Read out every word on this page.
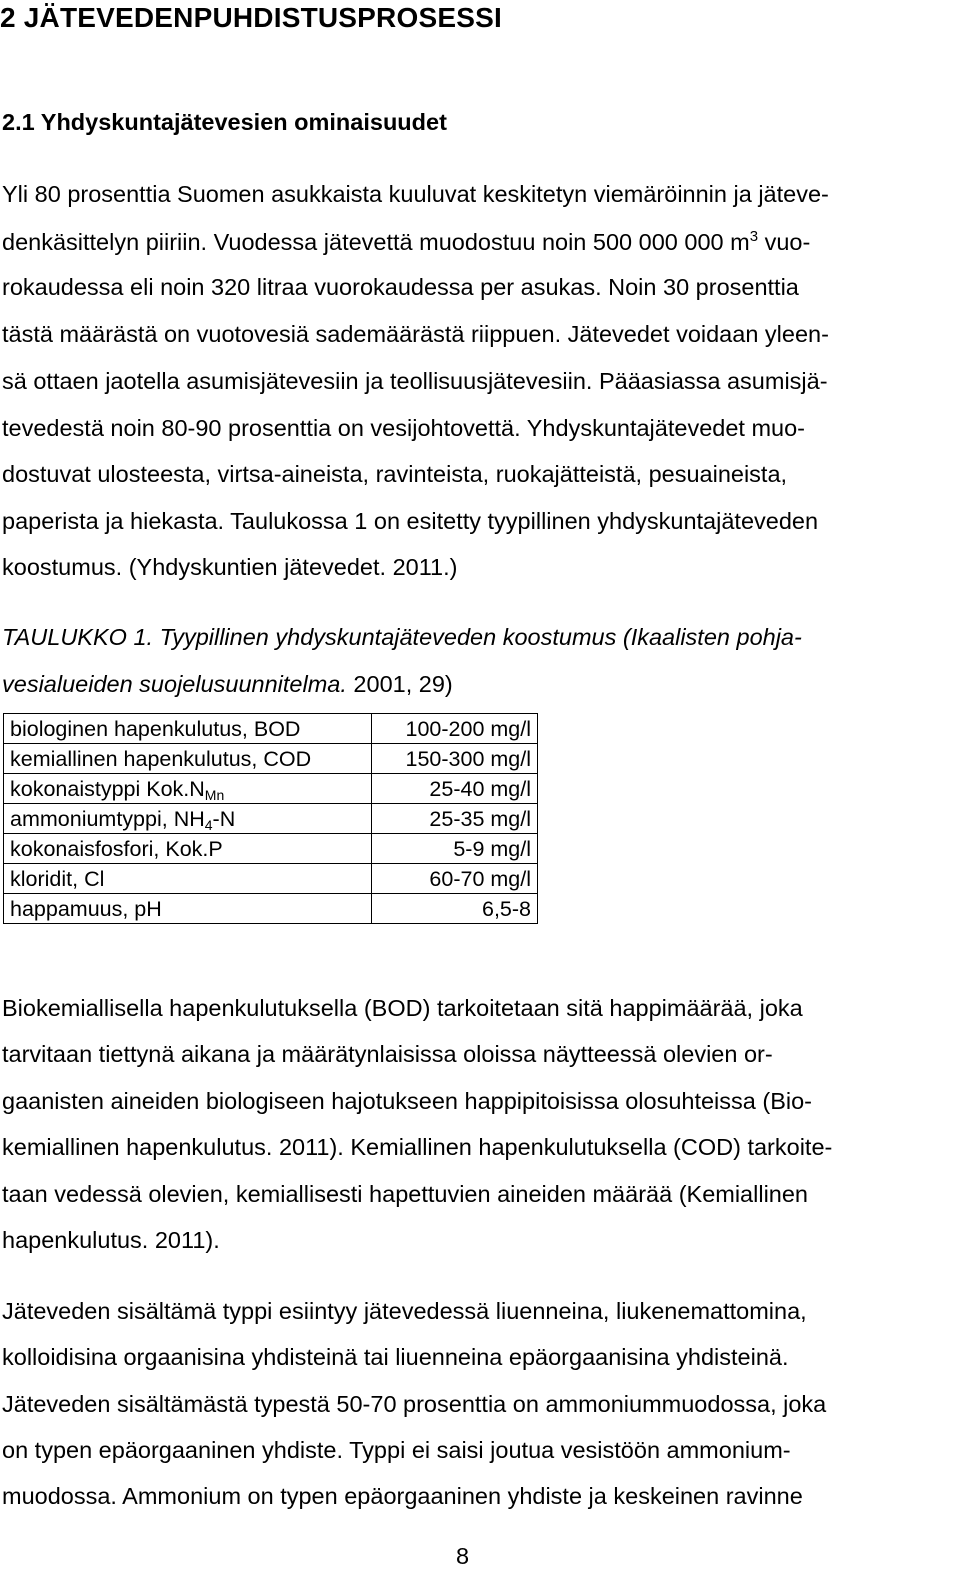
2 JÄTEVEDENPUHDISTUSPROSESSI
2.1 Yhdyskuntajätevesien ominaisuudet
Yli 80 prosenttia Suomen asukkaista kuuluvat keskitetyn viemäröinnin ja jäteve-
denkäsittelyn piiriin. Vuodessa jätevettä muodostuu noin 500 000 000 $m^3$ vuo-
rokaudessa eli noin 320 litraa vuorokaudessa per asukas. Noin 30 prosenttia
tästä määrästä on vuotovesiä sademäärästä riippuen. Jätevedet voidaan yleen-
sä ottaen jaotella asumisjätevesiin ja teollisuusjätevesiin. Pääasiassa asumisjä-
tevedestä noin 80-90 prosenttia on vesijohtovettä. Yhdyskuntajätevedet muo-
dostuvat ulosteesta, virtsa-aineista, ravinteista, ruokajätteistä, pesuaineista,
paperista ja hiekasta. Taulukossa 1 on esitetty tyypillinen yhdyskuntajäteveden
koostumus. (Yhdyskuntien jätevedet. 2011.)
TAULUKKO 1. Tyypillinen yhdyskuntajäteveden koostumus (Ikaalisten pohja-
vesialueiden suojelusuunnitelma. 2001, 29)
biologinen hapenkulutus, BOD	100-200 mg/l
kemiallinen hapenkulutus, COD	150-300 mg/l
kokonaistyppi $Kok.N_{Mn}$	25-40 mg/l
ammoniumtyppi, $NH_4-N$	25-35 mg/l
kokonaisfosfori, Kok.P	5-9 mg/l
kloridit, Cl	60-70 mg/l
happamuus, pH	6,5-8
Biokemiallisella hapenkulutuksella (BOD) tarkoitetaan sitä happimäärää, joka
tarvitaan tiettynä aikana ja määrätynlaisissa oloissa näytteessä olevien or-
gaanisten aineiden biologiseen hajotukseen happipitoisissa olosuhteissa (Bio-
kemiallinen hapenkulutus. 2011). Kemiallinen hapenkulutuksella (COD) tarkoite-
taan vedessä olevien, kemiallisesti hapettuvien aineiden määrää (Kemiallinen
hapenkulutus. 2011).
Jäteveden sisältämä typpi esiintyy jätevedessä liuenneina, liukenemattomina,
kolloidisina orgaanisina yhdisteinä tai liuenneina epäorgaanisina yhdisteinä.
Jäteveden sisältämästä typestä 50-70 prosenttia on ammoniummuodossa, joka
on typen epäorgaaninen yhdiste. Typpi ei saisi joutua vesistöön ammonium-
muodossa. Ammonium on typen epäorgaaninen yhdiste ja keskeinen ravinne
8
